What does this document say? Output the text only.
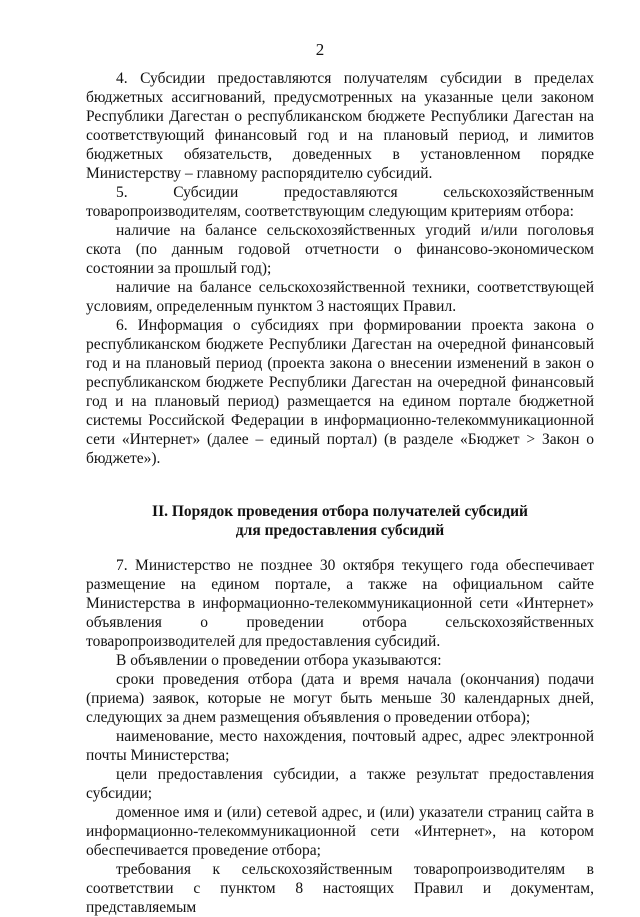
2

4. Субсидии предоставляются получателям субсидии в пределах бюджетных ассигнований, предусмотренных на указанные цели законом Республики Дагестан о республиканском бюджете Республики Дагестан на соответствующий финансовый год и на плановый период, и лимитов бюджетных обязательств, доведенных в установленном порядке Министерству – главному распорядителю субсидий.

5. Субсидии предоставляются сельскохозяйственным товаропроизводителям, соответствующим следующим критериям отбора:

наличие на балансе сельскохозяйственных угодий и/или поголовья скота (по данным годовой отчетности о финансово-экономическом состоянии за прошлый год);

наличие на балансе сельскохозяйственной техники, соответствующей условиям, определенным пунктом 3 настоящих Правил.

6. Информация о субсидиях при формировании проекта закона о республиканском бюджете Республики Дагестан на очередной финансовый год и на плановый период (проекта закона о внесении изменений в закон о республиканском бюджете Республики Дагестан на очередной финансовый год и на плановый период) размещается на едином портале бюджетной системы Российской Федерации в информационно-телекоммуникационной сети «Интернет» (далее – единый портал) (в разделе «Бюджет > Закон о бюджете»).

II. Порядок проведения отбора получателей субсидий
для предоставления субсидий

7. Министерство не позднее 30 октября текущего года обеспечивает размещение на едином портале, а также на официальном сайте Министерства в информационно-телекоммуникационной сети «Интернет» объявления о проведении отбора сельскохозяйственных товаропроизводителей для предоставления субсидий.

В объявлении о проведении отбора указываются:

сроки проведения отбора (дата и время начала (окончания) подачи (приема) заявок, которые не могут быть меньше 30 календарных дней, следующих за днем размещения объявления о проведении отбора);

наименование, место нахождения, почтовый адрес, адрес электронной почты Министерства;

цели предоставления субсидии, а также результат предоставления субсидии;

доменное имя и (или) сетевой адрес, и (или) указатели страниц сайта в информационно-телекоммуникационной сети «Интернет», на котором обеспечивается проведение отбора;

требования к сельскохозяйственным товаропроизводителям в соответствии с пунктом 8 настоящих Правил и документам, представляемым
